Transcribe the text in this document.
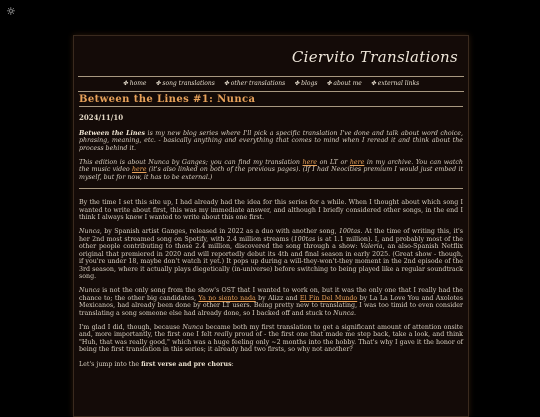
☼
Ciervito Translations
✤ home ✤ song translations ✤ other translations ✤ blogs ✤ about me ✤ external links
Between the Lines #1: Nunca
2024/11/10

Between the Lines is my new blog series where I'll pick a specific translation I've done and talk about word choice, phrasing, meaning, etc. - basically anything and everything that comes to mind when I reread it and think about the process behind it.

This edition is about Nunca by Ganges; you can find my translation here on LT or here in my archive. You can watch the music video here (it's also linked on both of the previous pages). (If I had Neocities premium I would just embed it myself, but for now, it has to be external.)

By the time I set this site up, I had already had the idea for this series for a while. When I thought about which song I wanted to write about first, this was my immediate answer, and although I briefly considered other songs, in the end I think I always knew I wanted to write about this one first.

Nunca, by Spanish artist Ganges, released in 2022 as a duo with another song, 100tas. At the time of writing this, it's her 2nd most streamed song on Spotify, with 2.4 million streams (100tas is at 1.1 million). I, and probably most of the other people contributing to those 2.4 million, discovered the song through a show: Valeria, an also-Spanish Netflix original that premiered in 2020 and will reportedly debut its 4th and final season in early 2025. (Great show - though, if you're under 18, maybe don't watch it yet.) It pops up during a will-they-won't-they moment in the 2nd episode of the 3rd season, where it actually plays diegetically (in-universe) before switching to being played like a regular soundtrack song.

Nunca is not the only song from the show's OST that I wanted to work on, but it was the only one that I really had the chance to; the other big candidates, Ya no siento nada by Alizz and El Fin Del Mundo by La La Love You and Axolotes Mexicanos, had already been done by other LT users. Being pretty new to translating, I was too timid to even consider translating a song someone else had already done, so I backed off and stuck to Nunca.

I'm glad I did, though, because Nunca became both my first translation to get a significant amount of attention onsite and, more importantly, the first one I felt really proud of - the first one that made me step back, take a look, and think "Huh, that was really good," which was a huge feeling only ~2 months into the hobby. That's why I gave it the honor of being the first translation in this series; it already had two firsts, so why not another?

Let's jump into the first verse and pre chorus:
